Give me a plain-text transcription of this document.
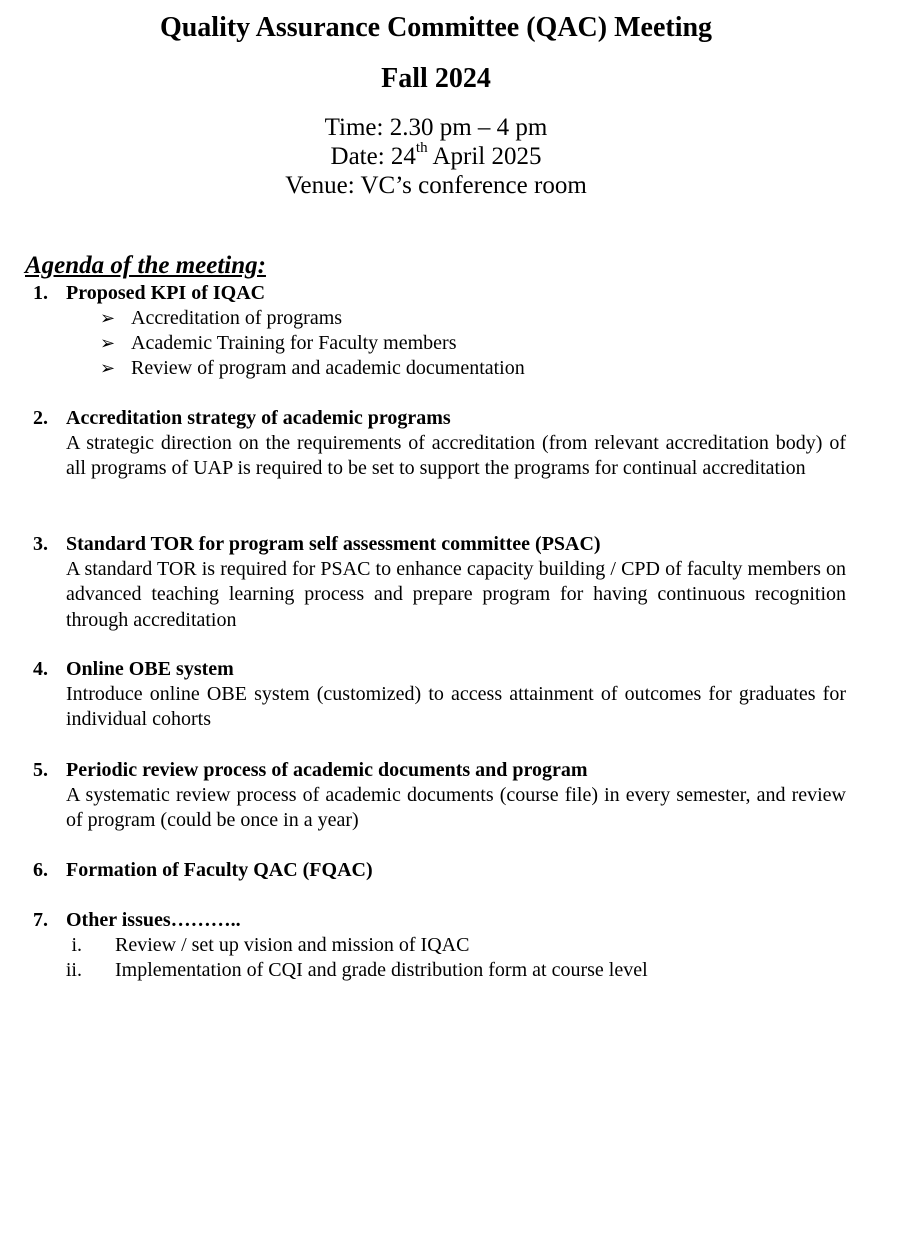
Quality Assurance Committee (QAC) Meeting
Fall 2024
Time: 2.30 pm – 4 pm
Date: 24th April 2025
Venue: VC’s conference room
Agenda of the meeting:
1. Proposed KPI of IQAC
➢ Accreditation of programs
➢ Academic Training for Faculty members
➢ Review of program and academic documentation
2. Accreditation strategy of academic programs
A strategic direction on the requirements of accreditation (from relevant accreditation body) of all programs of UAP is required to be set to support the programs for continual accreditation
3. Standard TOR for program self assessment committee (PSAC)
A standard TOR is required for PSAC to enhance capacity building / CPD of faculty members on advanced teaching learning process and prepare program for having continuous recognition through accreditation
4. Online OBE system
Introduce online OBE system (customized) to access attainment of outcomes for graduates for individual cohorts
5. Periodic review process of academic documents and program
A systematic review process of academic documents (course file) in every semester, and review of program (could be once in a year)
6. Formation of Faculty QAC (FQAC)
7. Other issues………..
i. Review / set up vision and mission of IQAC
ii. Implementation of CQI and grade distribution form at course level
